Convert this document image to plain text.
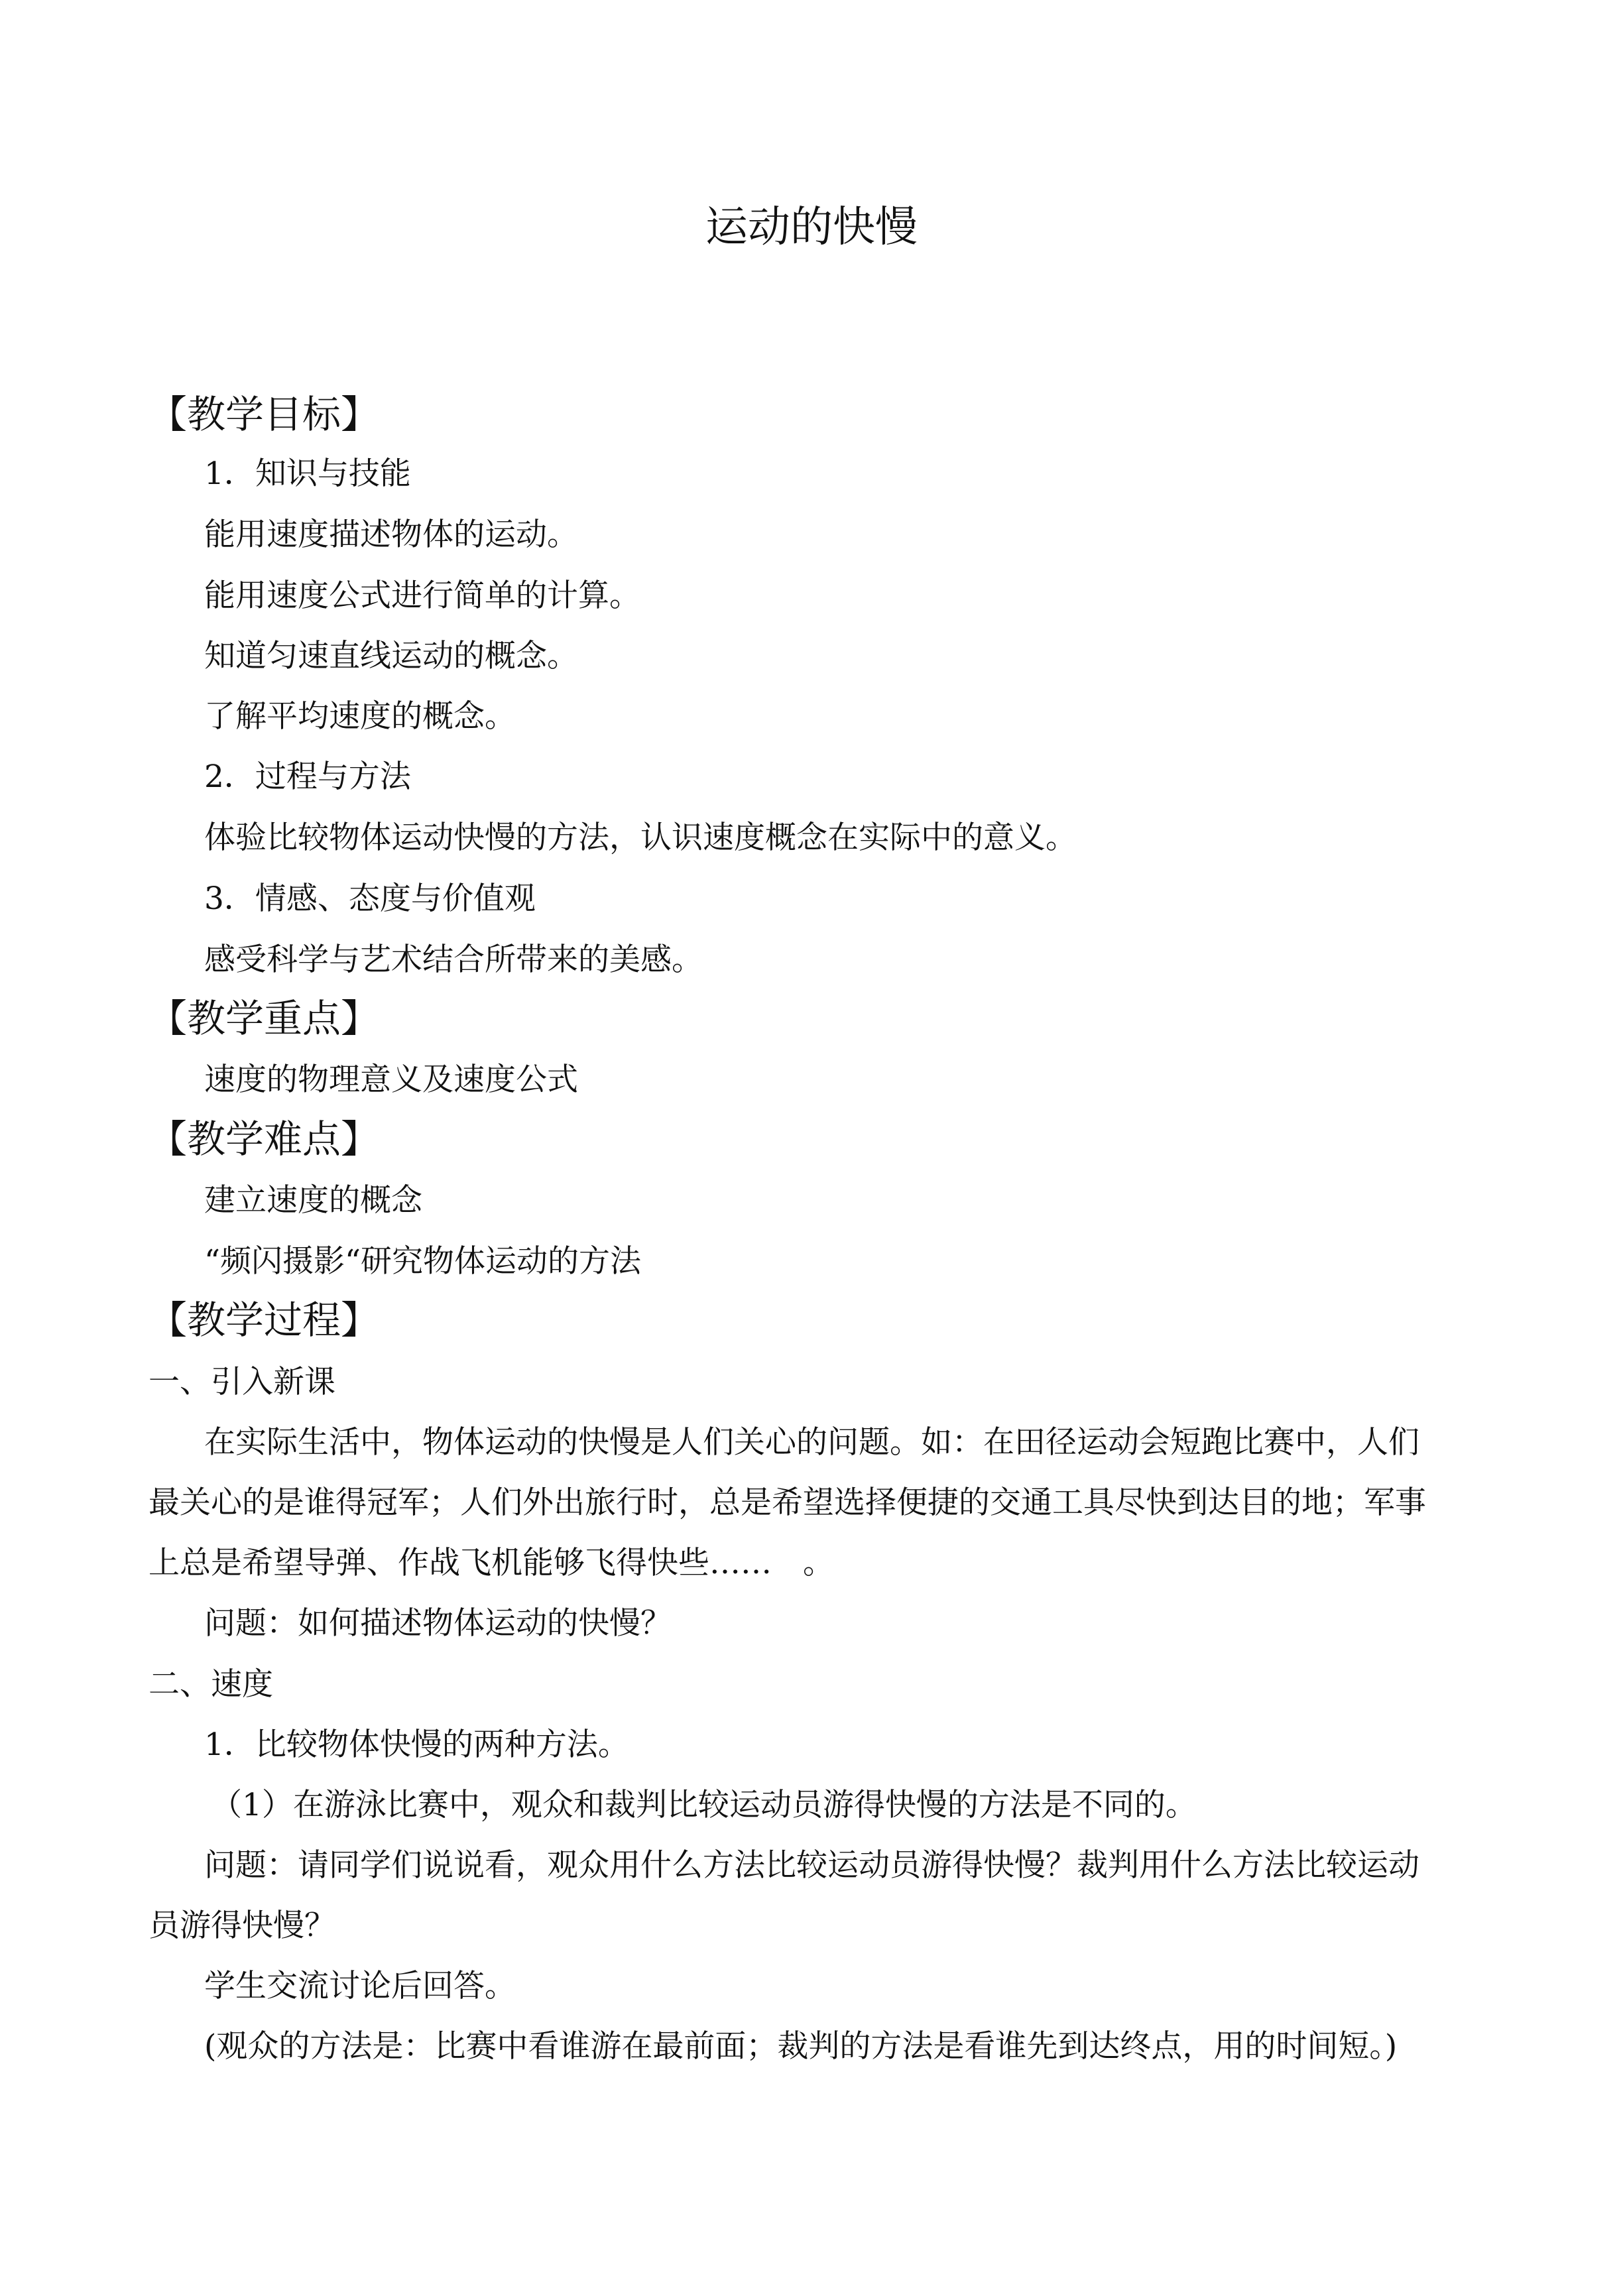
运动的快慢
【教学目标】

1．知识与技能

能用速度描述物体的运动。

能用速度公式进行简单的计算。

知道匀速直线运动的概念。

了解平均速度的概念。

2．过程与方法

体验比较物体运动快慢的方法，认识速度概念在实际中的意义。

3．情感、态度与价值观

感受科学与艺术结合所带来的美感。

【教学重点】

速度的物理意义及速度公式

【教学难点】

建立速度的概念

“频闪摄影“研究物体运动的方法

【教学过程】

一、引入新课

在实际生活中，物体运动的快慢是人们关心的问题。如：在田径运动会短跑比赛中，人们

最关心的是谁得冠军；人们外出旅行时，总是希望选择便捷的交通工具尽快到达目的地；军事

上总是希望导弹、作战飞机能够飞得快些……　。

问题：如何描述物体运动的快慢？

二、速度

1．比较物体快慢的两种方法。

（1）在游泳比赛中，观众和裁判比较运动员游得快慢的方法是不同的。

问题：请同学们说说看，观众用什么方法比较运动员游得快慢？裁判用什么方法比较运动

员游得快慢？

学生交流讨论后回答。

(观众的方法是：比赛中看谁游在最前面；裁判的方法是看谁先到达终点，用的时间短。)
